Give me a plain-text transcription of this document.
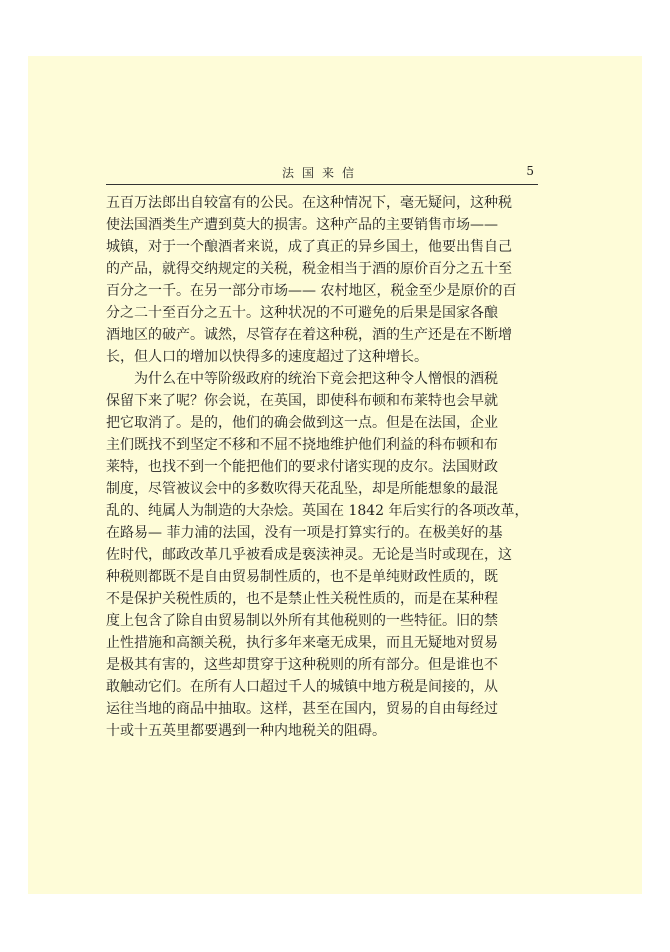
法国来信	5
五百万法郎出自较富有的公民。在这种情况下，毫无疑问，这种税
使法国酒类生产遭到莫大的损害。这种产品的主要销售市场——
城镇，对于一个酿酒者来说，成了真正的异乡国土，他要出售自己
的产品，就得交纳规定的关税，税金相当于酒的原价百分之五十至
百分之一千。在另一部分市场—— 农村地区，税金至少是原价的百
分之二十至百分之五十。这种状况的不可避免的后果是国家各酿
酒地区的破产。诚然，尽管存在着这种税，酒的生产还是在不断增
长，但人口的增加以快得多的速度超过了这种增长。
为什么在中等阶级政府的统治下竟会把这种令人憎恨的酒税
保留下来了呢？你会说，在英国，即使科布顿和布莱特也会早就
把它取消了。是的，他们的确会做到这一点。但是在法国，企业
主们既找不到坚定不移和不屈不挠地维护他们利益的科布顿和布
莱特，也找不到一个能把他们的要求付诸实现的皮尔。法国财政
制度，尽管被议会中的多数吹得天花乱坠，却是所能想象的最混
乱的、纯属人为制造的大杂烩。英国在 1842 年后实行的各项改革，
在路易— 菲力浦的法国，没有一项是打算实行的。在极美好的基
佐时代，邮政改革几乎被看成是亵渎神灵。无论是当时或现在，这
种税则都既不是自由贸易制性质的，也不是单纯财政性质的，既
不是保护关税性质的，也不是禁止性关税性质的，而是在某种程
度上包含了除自由贸易制以外所有其他税则的一些特征。旧的禁
止性措施和高额关税，执行多年来毫无成果，而且无疑地对贸易
是极其有害的，这些却贯穿于这种税则的所有部分。但是谁也不
敢触动它们。在所有人口超过千人的城镇中地方税是间接的，从
运往当地的商品中抽取。这样，甚至在国内，贸易的自由每经过
十或十五英里都要遇到一种内地税关的阻碍。
